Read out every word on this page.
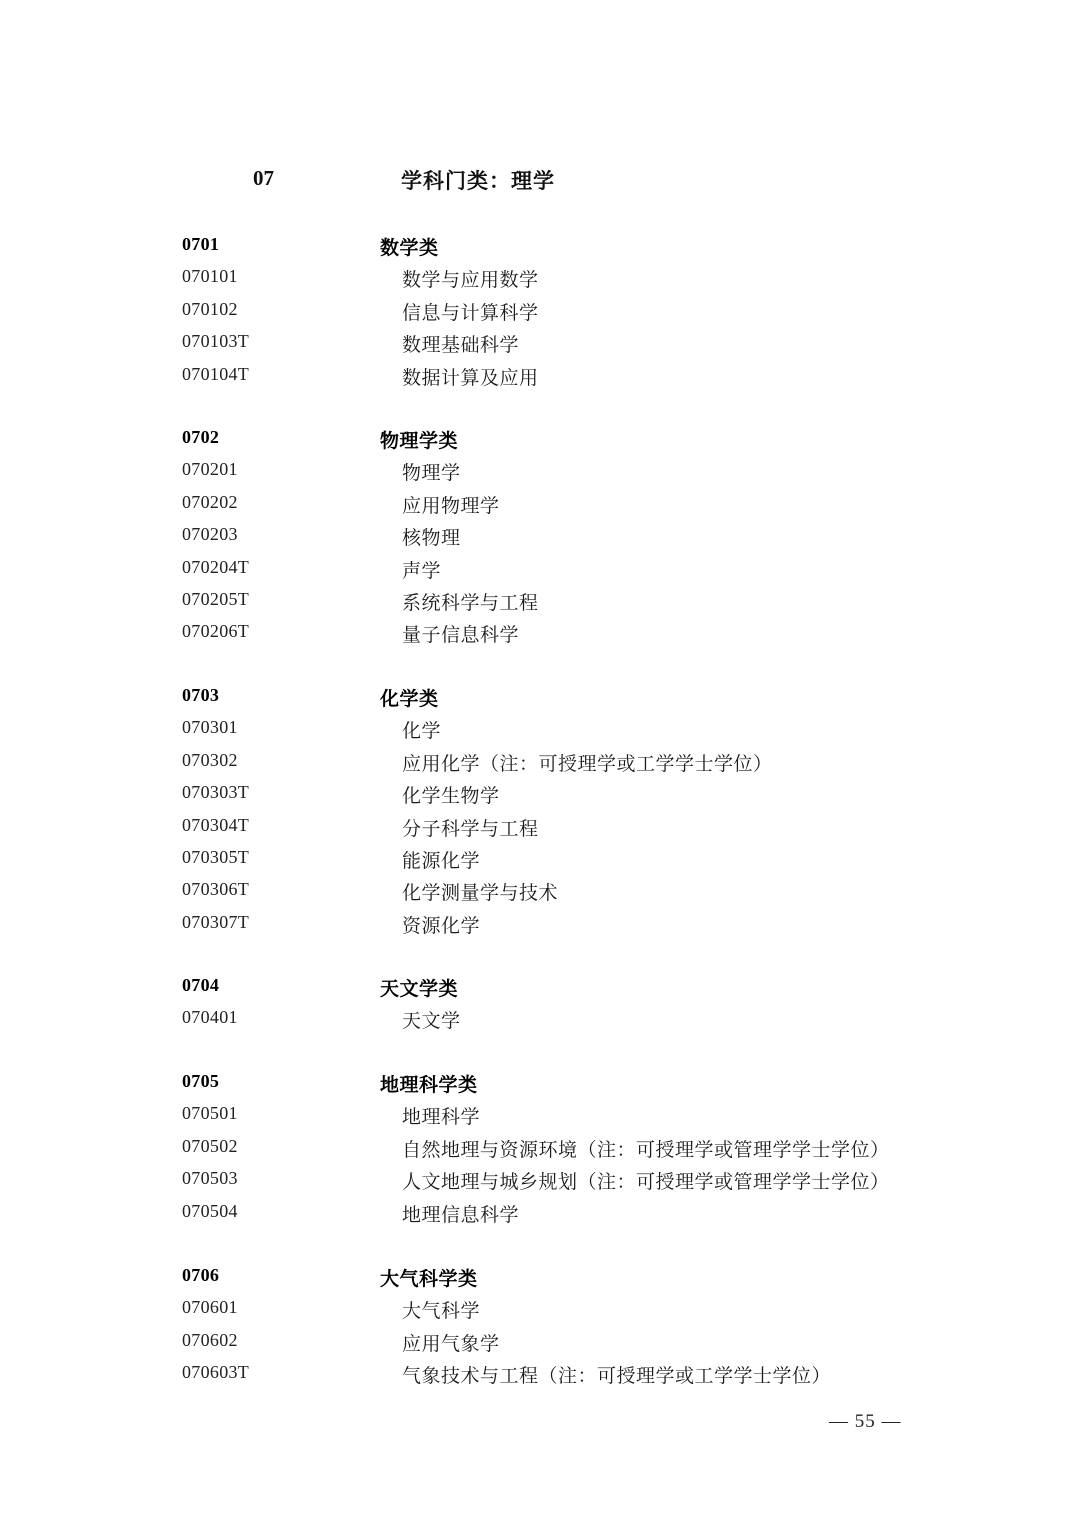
07	学科门类：理学
0701	数学类
070101	数学与应用数学
070102	信息与计算科学
070103T	数理基础科学
070104T	数据计算及应用
0702	物理学类
070201	物理学
070202	应用物理学
070203	核物理
070204T	声学
070205T	系统科学与工程
070206T	量子信息科学
0703	化学类
070301	化学
070302	应用化学（注：可授理学或工学学士学位）
070303T	化学生物学
070304T	分子科学与工程
070305T	能源化学
070306T	化学测量学与技术
070307T	资源化学
0704	天文学类
070401	天文学
0705	地理科学类
070501	地理科学
070502	自然地理与资源环境（注：可授理学或管理学学士学位）
070503	人文地理与城乡规划（注：可授理学或管理学学士学位）
070504	地理信息科学
0706	大气科学类
070601	大气科学
070602	应用气象学
070603T	气象技术与工程（注：可授理学或工学学士学位）
— 55 —
